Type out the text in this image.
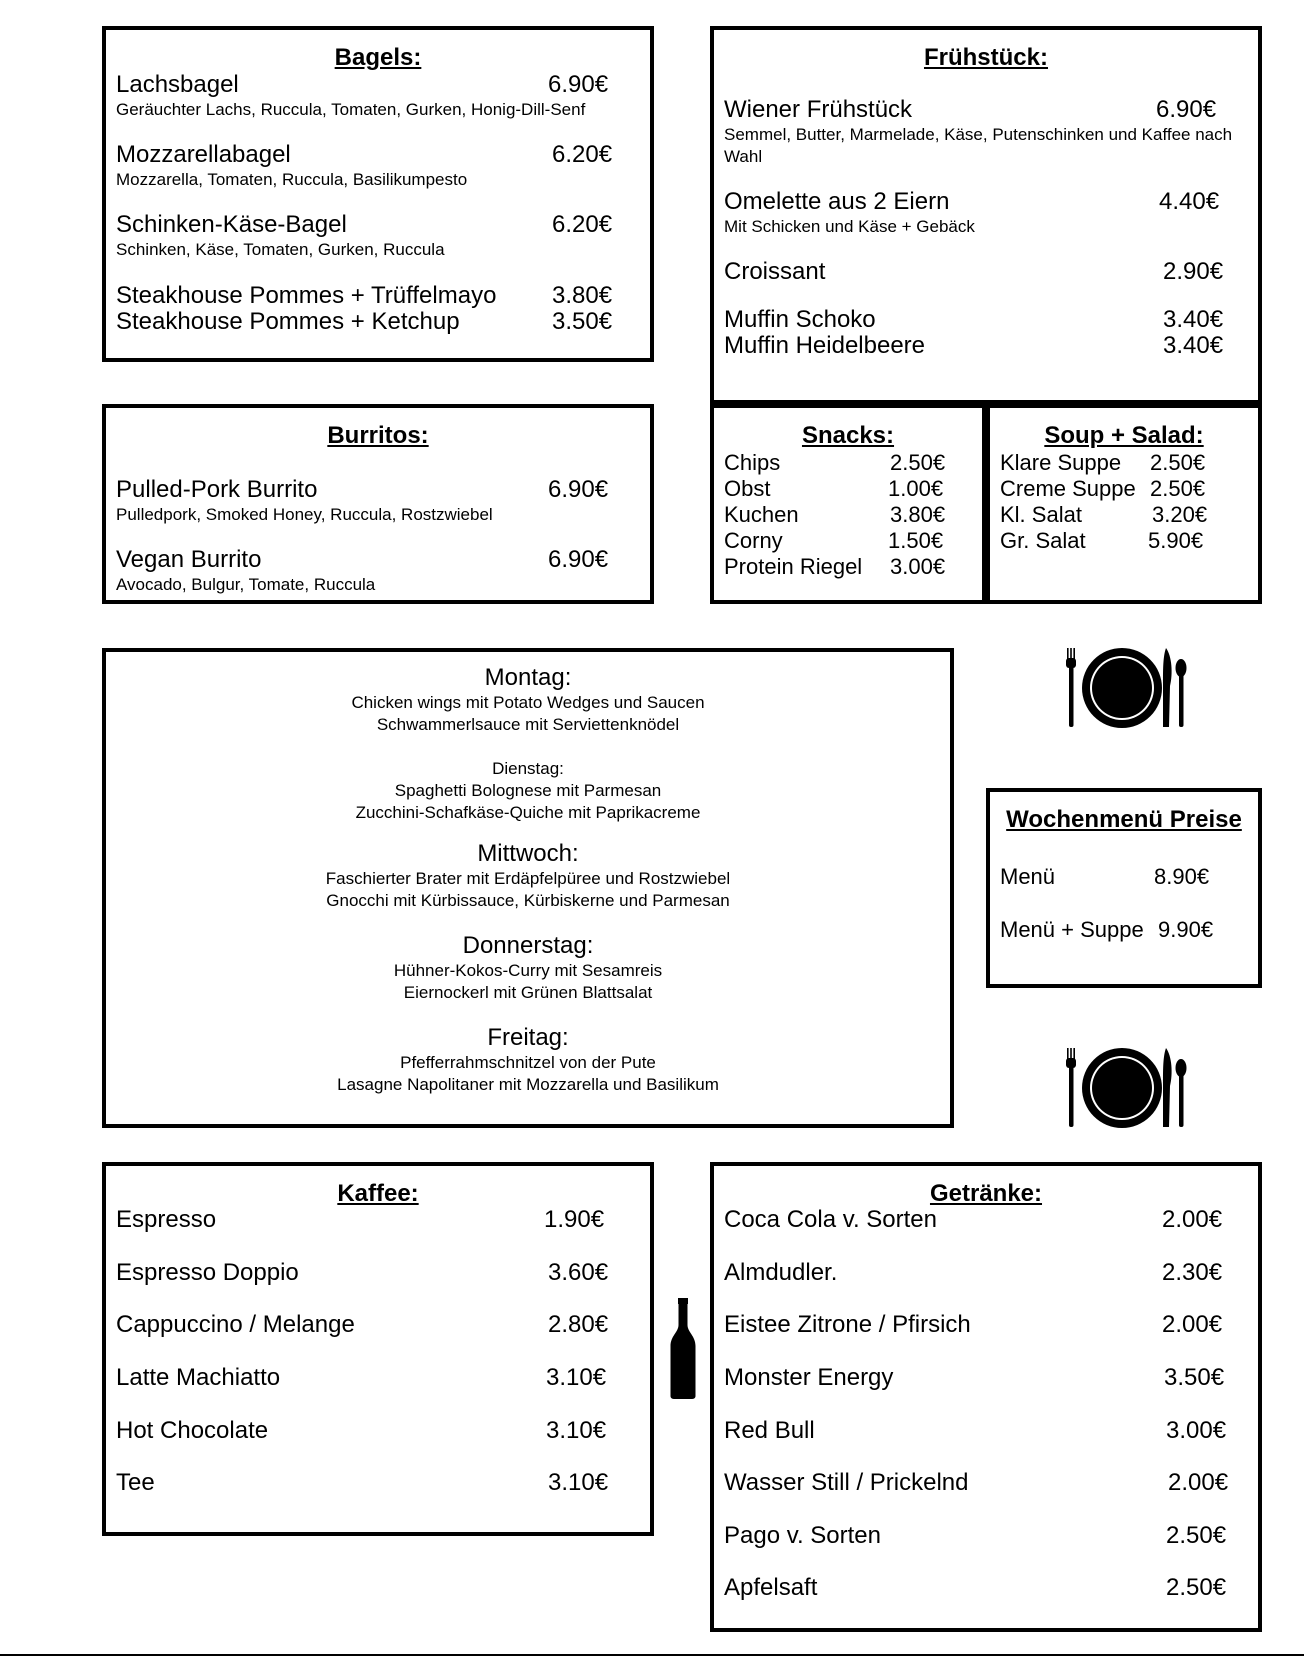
Bagels:
Lachsbagel	6.90€
Geräuchter Lachs, Ruccula, Tomaten, Gurken, Honig-Dill-Senf
Mozzarellabagel	6.20€
Mozzarella, Tomaten, Ruccula, Basilikumpesto
Schinken-Käse-Bagel	6.20€
Schinken, Käse, Tomaten, Gurken, Ruccula
Steakhouse Pommes + Trüffelmayo 3.80€
Steakhouse Pommes + Ketchup	3.50€
Frühstück:
Wiener Frühstück	6.90€
Semmel, Butter, Marmelade, Käse, Putenschinken und Kaffee nach
Wahl
Omelette aus 2 Eiern	4.40€
Mit Schicken und Käse + Gebäck
Croissant	2.90€
Muffin Schoko	3.40€
Muffin Heidelbeere	3.40€
Burritos:
Pulled-Pork Burrito	6.90€
Pulledpork, Smoked Honey, Ruccula, Rostzwiebel
Vegan Burrito	6.90€
Avocado, Bulgur, Tomate, Ruccula
Snacks:
Chips	2.50€
Obst	1.00€
Kuchen	3.80€
Corny	1.50€
Protein Riegel 3.00€
Soup + Salad:
Klare Suppe 2.50€
Creme Suppe 2.50€
Kl. Salat	3.20€
Gr. Salat	5.90€
Montag:
Chicken wings mit Potato Wedges und Saucen
Schwammerlsauce mit Serviettenknödel
Dienstag:
Spaghetti Bolognese mit Parmesan
Zucchini-Schafkäse-Quiche mit Paprikacreme
Mittwoch:
Faschierter Brater mit Erdäpfelpüree und Rostzwiebel
Gnocchi mit Kürbissauce, Kürbiskerne und Parmesan
Donnerstag:
Hühner-Kokos-Curry mit Sesamreis
Eiernockerl mit Grünen Blattsalat
Freitag:
Pfefferrahmschnitzel von der Pute
Lasagne Napolitaner mit Mozzarella und Basilikum
Wochenmenü Preise
Menü	8.90€
Menü + Suppe 9.90€
Kaffee:
Espresso	1.90€
Espresso Doppio	3.60€
Cappuccino / Melange	2.80€
Latte Machiatto	3.10€
Hot Chocolate	3.10€
Tee	3.10€
Getränke:
Coca Cola v. Sorten	2.00€
Almdudler.	2.30€
Eistee Zitrone / Pfirsich	2.00€
Monster Energy	3.50€
Red Bull	3.00€
Wasser Still / Prickelnd	2.00€
Pago v. Sorten	2.50€
Apfelsaft	2.50€
